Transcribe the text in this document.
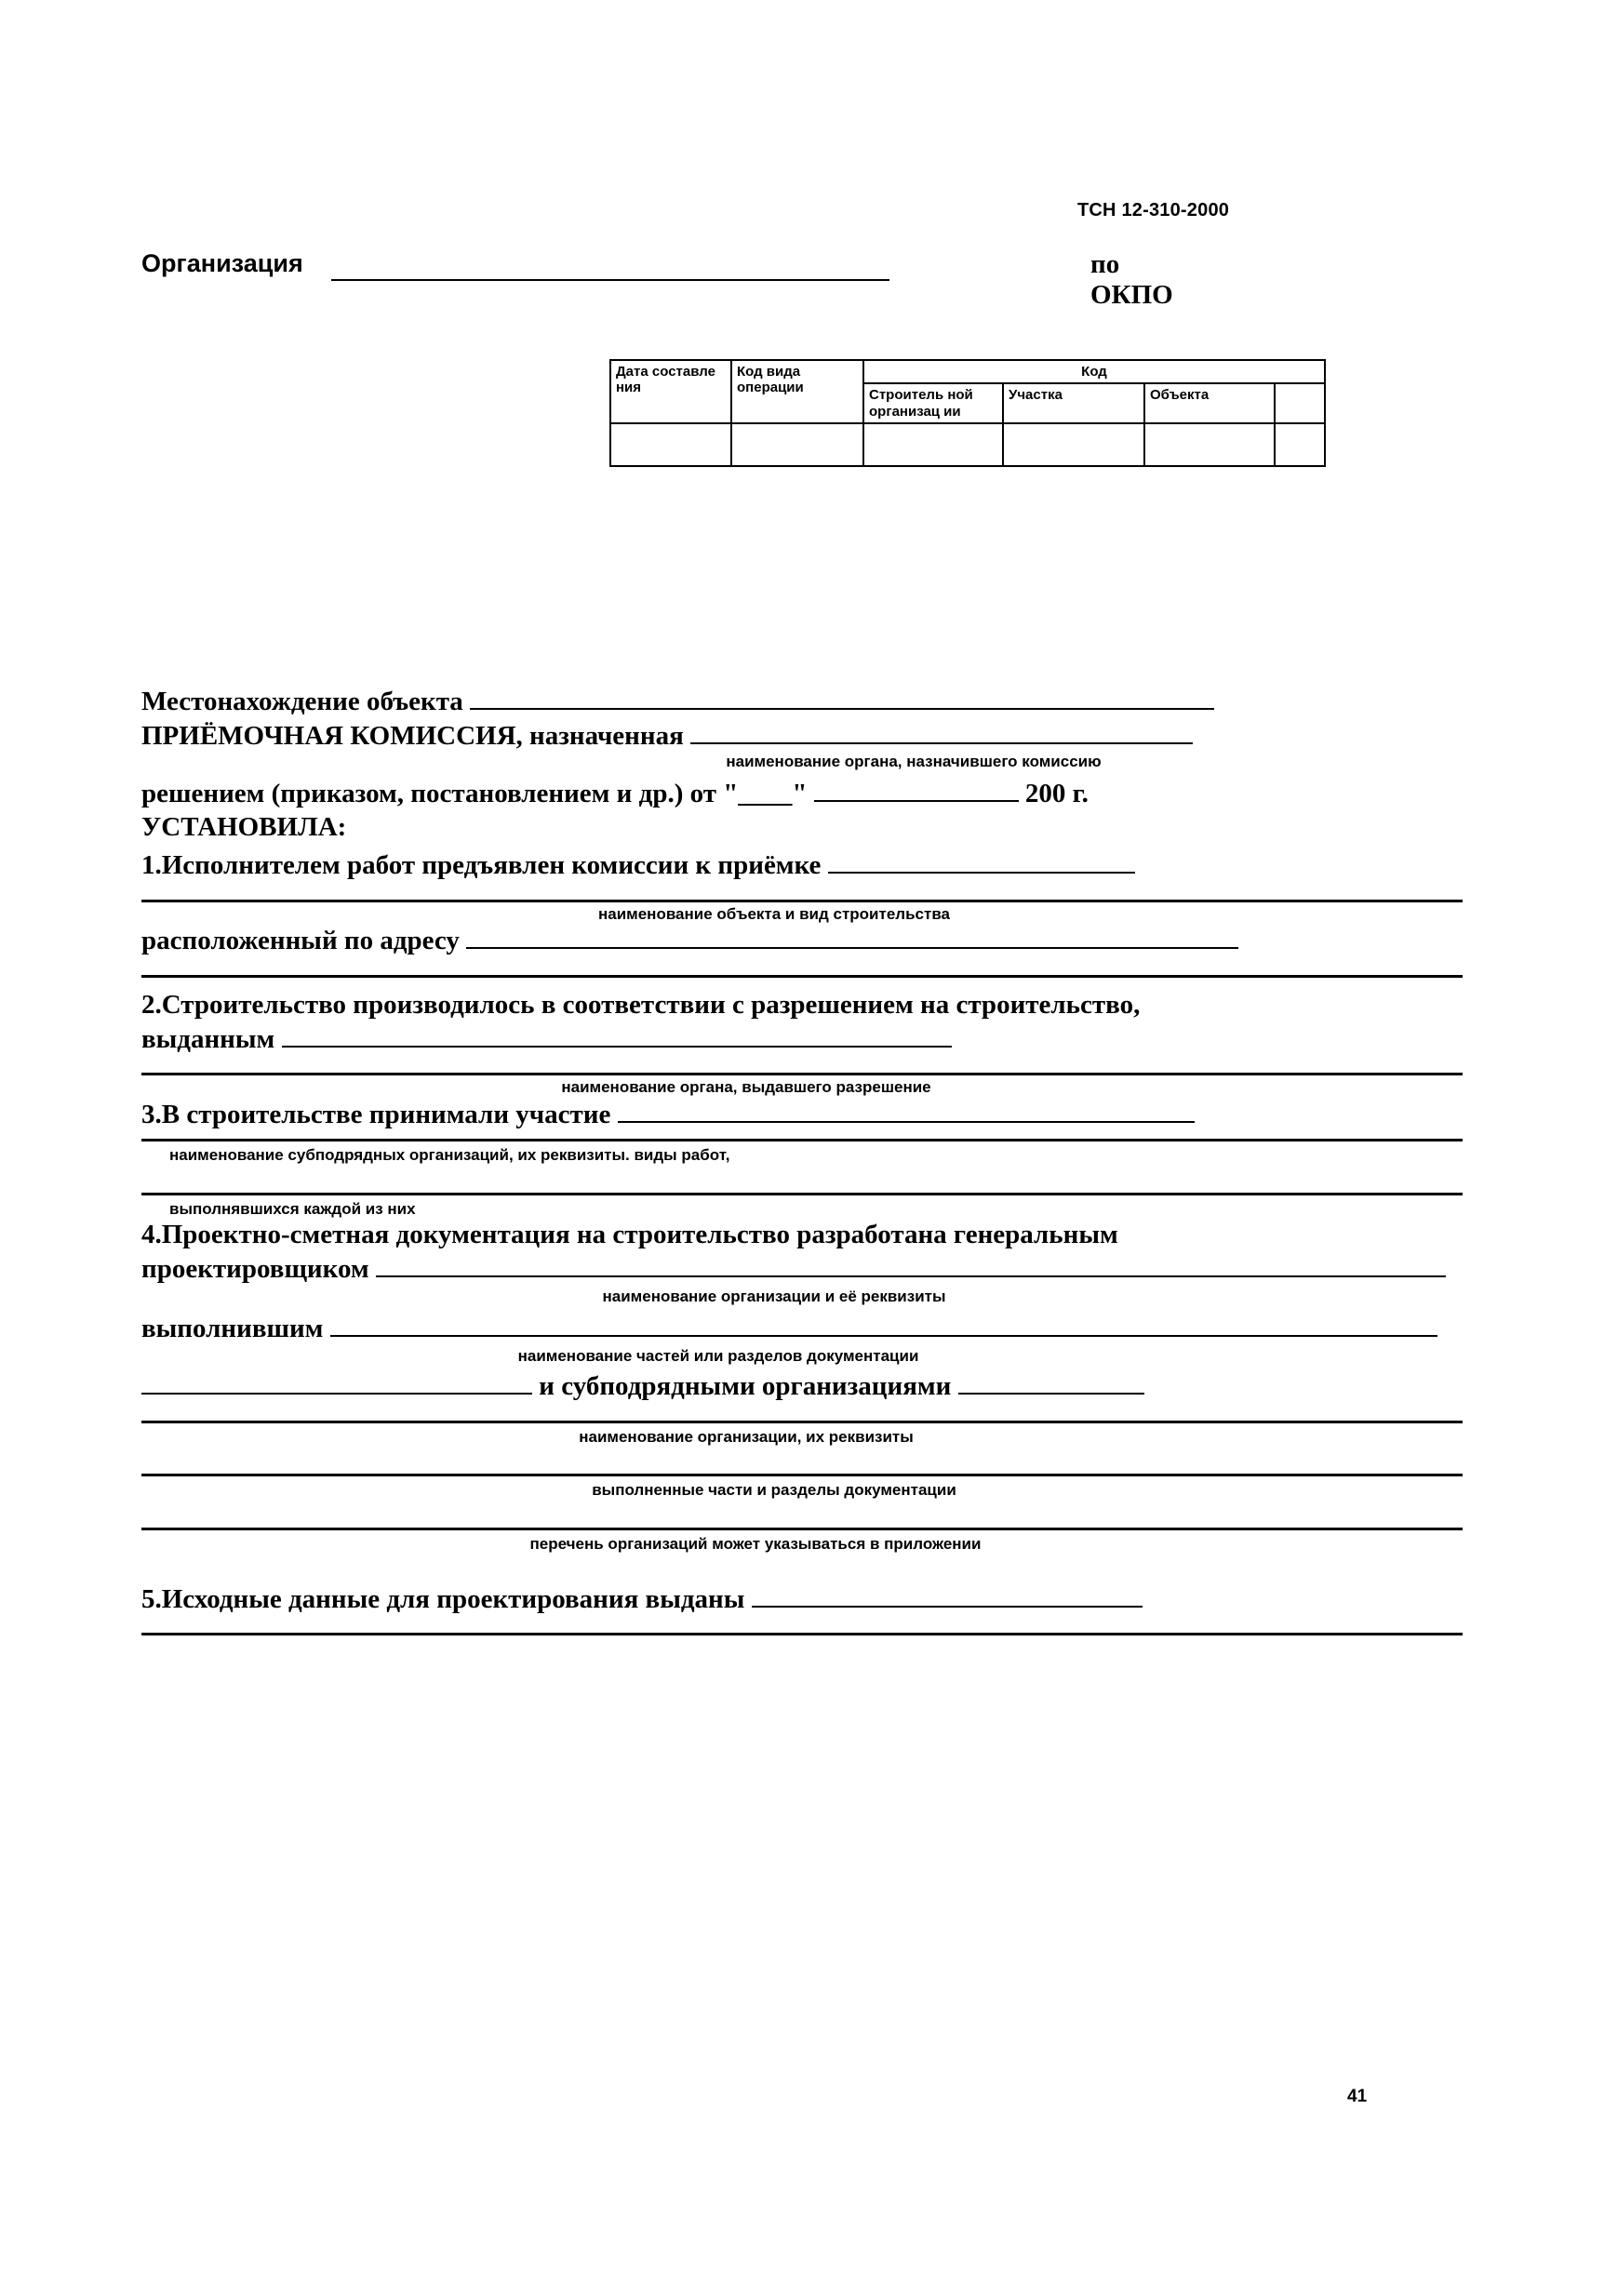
ТСН 12-310-2000
Организация	по ОКПО
Дата составле ния	Код вида операции	Код			
		Строитель ной организац ии	Участка	Объекта	

Местонахождение объекта
ПРИЁМОЧНАЯ КОМИССИЯ, назначенная
наименование органа, назначившего комиссию
решением (приказом, постановлением и др.) от "____"	200 г.
УСТАНОВИЛА:
1.Исполнителем работ предъявлен комиссии к приёмке
наименование объекта и вид строительства
расположенный по адресу
2.Строительство производилось в соответствии с разрешением на строительство,
выданным
наименование органа, выдавшего разрешение
3.В строительстве принимали участие
наименование субподрядных организаций, их реквизиты. виды работ,
выполнявшихся каждой из них
4.Проектно-сметная документация на строительство разработана генеральным
проектировщиком
наименование организации и её реквизиты
выполнившим
наименование частей или разделов документации
и субподрядными организациями
наименование организации, их реквизиты
выполненные части и разделы документации
перечень организаций может указываться в приложении
5.Исходные данные для проектирования выданы
41
